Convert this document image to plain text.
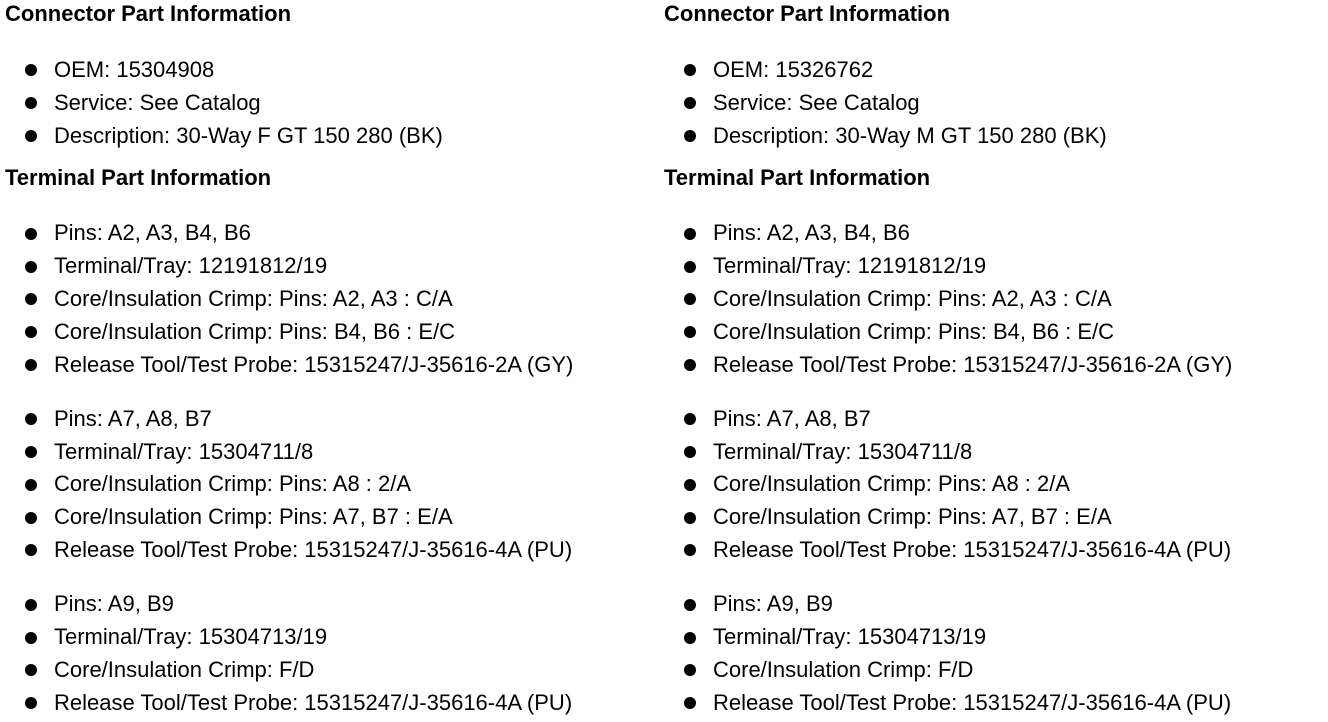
Connector Part Information
OEM: 15304908
Service: See Catalog
Description: 30-Way F GT 150 280 (BK)
Terminal Part Information
Pins: A2, A3, B4, B6
Terminal/Tray: 12191812/19
Core/Insulation Crimp: Pins: A2, A3 : C/A
Core/Insulation Crimp: Pins: B4, B6 : E/C
Release Tool/Test Probe: 15315247/J-35616-2A (GY)
Pins: A7, A8, B7
Terminal/Tray: 15304711/8
Core/Insulation Crimp: Pins: A8 : 2/A
Core/Insulation Crimp: Pins: A7, B7 : E/A
Release Tool/Test Probe: 15315247/J-35616-4A (PU)
Pins: A9, B9
Terminal/Tray: 15304713/19
Core/Insulation Crimp: F/D
Release Tool/Test Probe: 15315247/J-35616-4A (PU)
Connector Part Information
OEM: 15326762
Service: See Catalog
Description: 30-Way M GT 150 280 (BK)
Terminal Part Information
Pins: A2, A3, B4, B6
Terminal/Tray: 12191812/19
Core/Insulation Crimp: Pins: A2, A3 : C/A
Core/Insulation Crimp: Pins: B4, B6 : E/C
Release Tool/Test Probe: 15315247/J-35616-2A (GY)
Pins: A7, A8, B7
Terminal/Tray: 15304711/8
Core/Insulation Crimp: Pins: A8 : 2/A
Core/Insulation Crimp: Pins: A7, B7 : E/A
Release Tool/Test Probe: 15315247/J-35616-4A (PU)
Pins: A9, B9
Terminal/Tray: 15304713/19
Core/Insulation Crimp: F/D
Release Tool/Test Probe: 15315247/J-35616-4A (PU)
